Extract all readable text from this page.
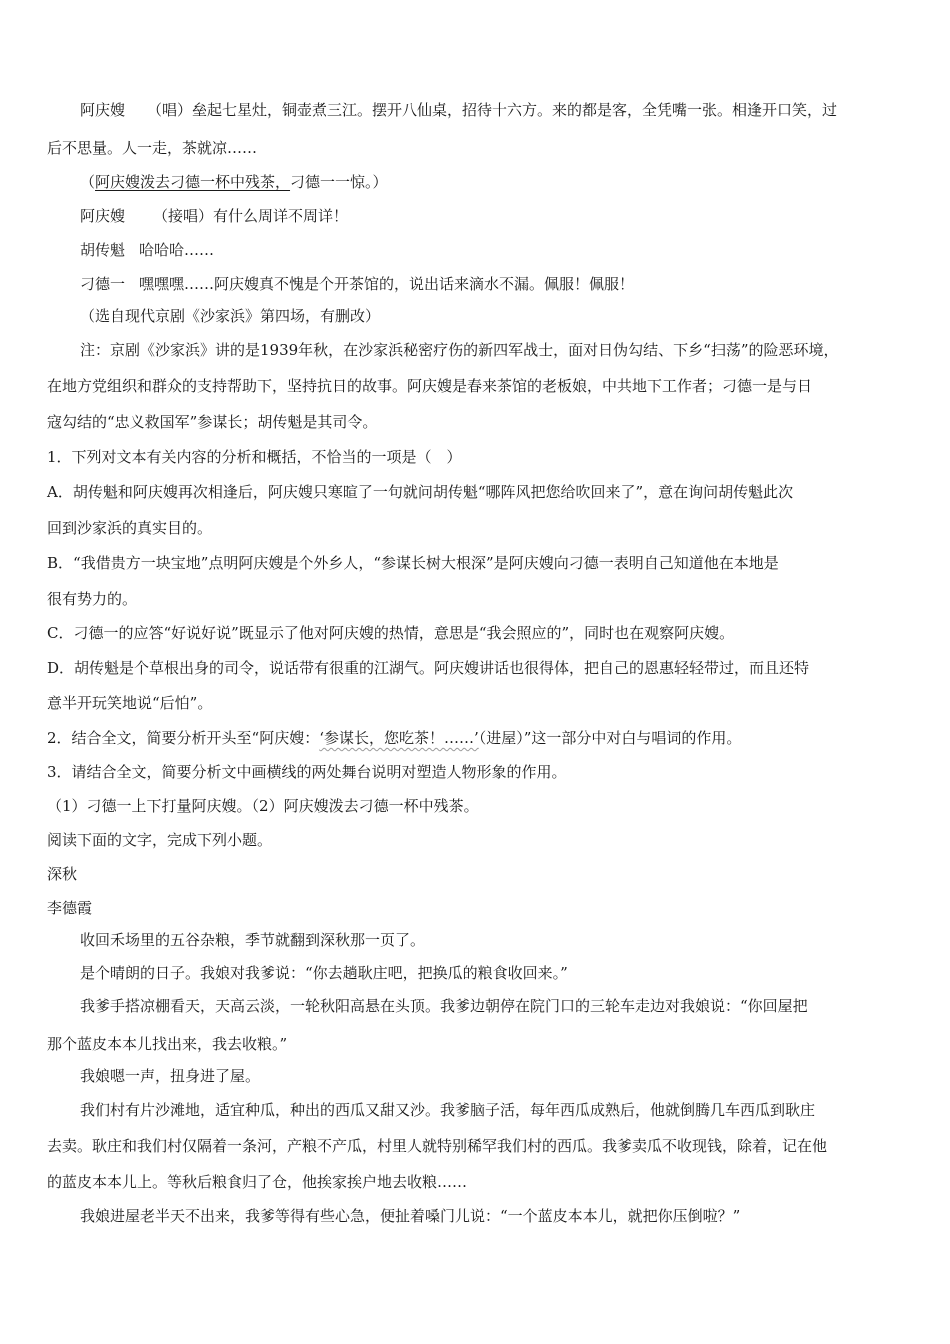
阿庆嫂 （唱）垒起七星灶，铜壶煮三江。摆开八仙桌，招待十六方。来的都是客，全凭嘴一张。相逢开口笑，过
后不思量。人一走，茶就凉……
（阿庆嫂泼去刁德一杯中残茶，刁德一一惊。）
阿庆嫂 （接唱）有什么周详不周详！
胡传魁 哈哈哈……
刁德一 嘿嘿嘿……阿庆嫂真不愧是个开茶馆的，说出话来滴水不漏。佩服！佩服！
（选自现代京剧《沙家浜》第四场，有删改）
注：京剧《沙家浜》讲的是1939年秋，在沙家浜秘密疗伤的新四军战士，面对日伪勾结、下乡“扫荡”的险恶环境，
在地方党组织和群众的支持帮助下，坚持抗日的故事。阿庆嫂是春来茶馆的老板娘，中共地下工作者；刁德一是与日
寇勾结的“忠义救国军”参谋长；胡传魁是其司令。
1．下列对文本有关内容的分析和概括，不恰当的一项是（　）
A．胡传魁和阿庆嫂再次相逢后，阿庆嫂只寒暄了一句就问胡传魁“哪阵风把您给吹回来了”，意在询问胡传魁此次
回到沙家浜的真实目的。
B．“我借贵方一块宝地”点明阿庆嫂是个外乡人，“参谋长树大根深”是阿庆嫂向刁德一表明自己知道他在本地是
很有势力的。
C．刁德一的应答“好说好说”既显示了他对阿庆嫂的热情，意思是“我会照应的”，同时也在观察阿庆嫂。
D．胡传魁是个草根出身的司令，说话带有很重的江湖气。阿庆嫂讲话也很得体，把自己的恩惠轻轻带过，而且还特
意半开玩笑地说“后怕”。
2．结合全文，简要分析开头至“阿庆嫂：‘参谋长，您吃茶！……’（进屋）”这一部分中对白与唱词的作用。
3．请结合全文，简要分析文中画横线的两处舞台说明对塑造人物形象的作用。
（1）刁德一上下打量阿庆嫂。（2）阿庆嫂泼去刁德一杯中残茶。
阅读下面的文字，完成下列小题。
深秋
李德霞
收回禾场里的五谷杂粮，季节就翻到深秋那一页了。
是个晴朗的日子。我娘对我爹说：“你去趟耿庄吧，把换瓜的粮食收回来。”
我爹手搭凉棚看天，天高云淡，一轮秋阳高悬在头顶。我爹边朝停在院门口的三轮车走边对我娘说：“你回屋把
那个蓝皮本本儿找出来，我去收粮。”
我娘嗯一声，扭身进了屋。
我们村有片沙滩地，适宜种瓜，种出的西瓜又甜又沙。我爹脑子活，每年西瓜成熟后，他就倒腾几车西瓜到耿庄
去卖。耿庄和我们村仅隔着一条河，产粮不产瓜，村里人就特别稀罕我们村的西瓜。我爹卖瓜不收现钱，除着，记在他
的蓝皮本本儿上。等秋后粮食归了仓，他挨家挨户地去收粮……
我娘进屋老半天不出来，我爹等得有些心急，便扯着嗓门儿说：“一个蓝皮本本儿，就把你压倒啦？”
